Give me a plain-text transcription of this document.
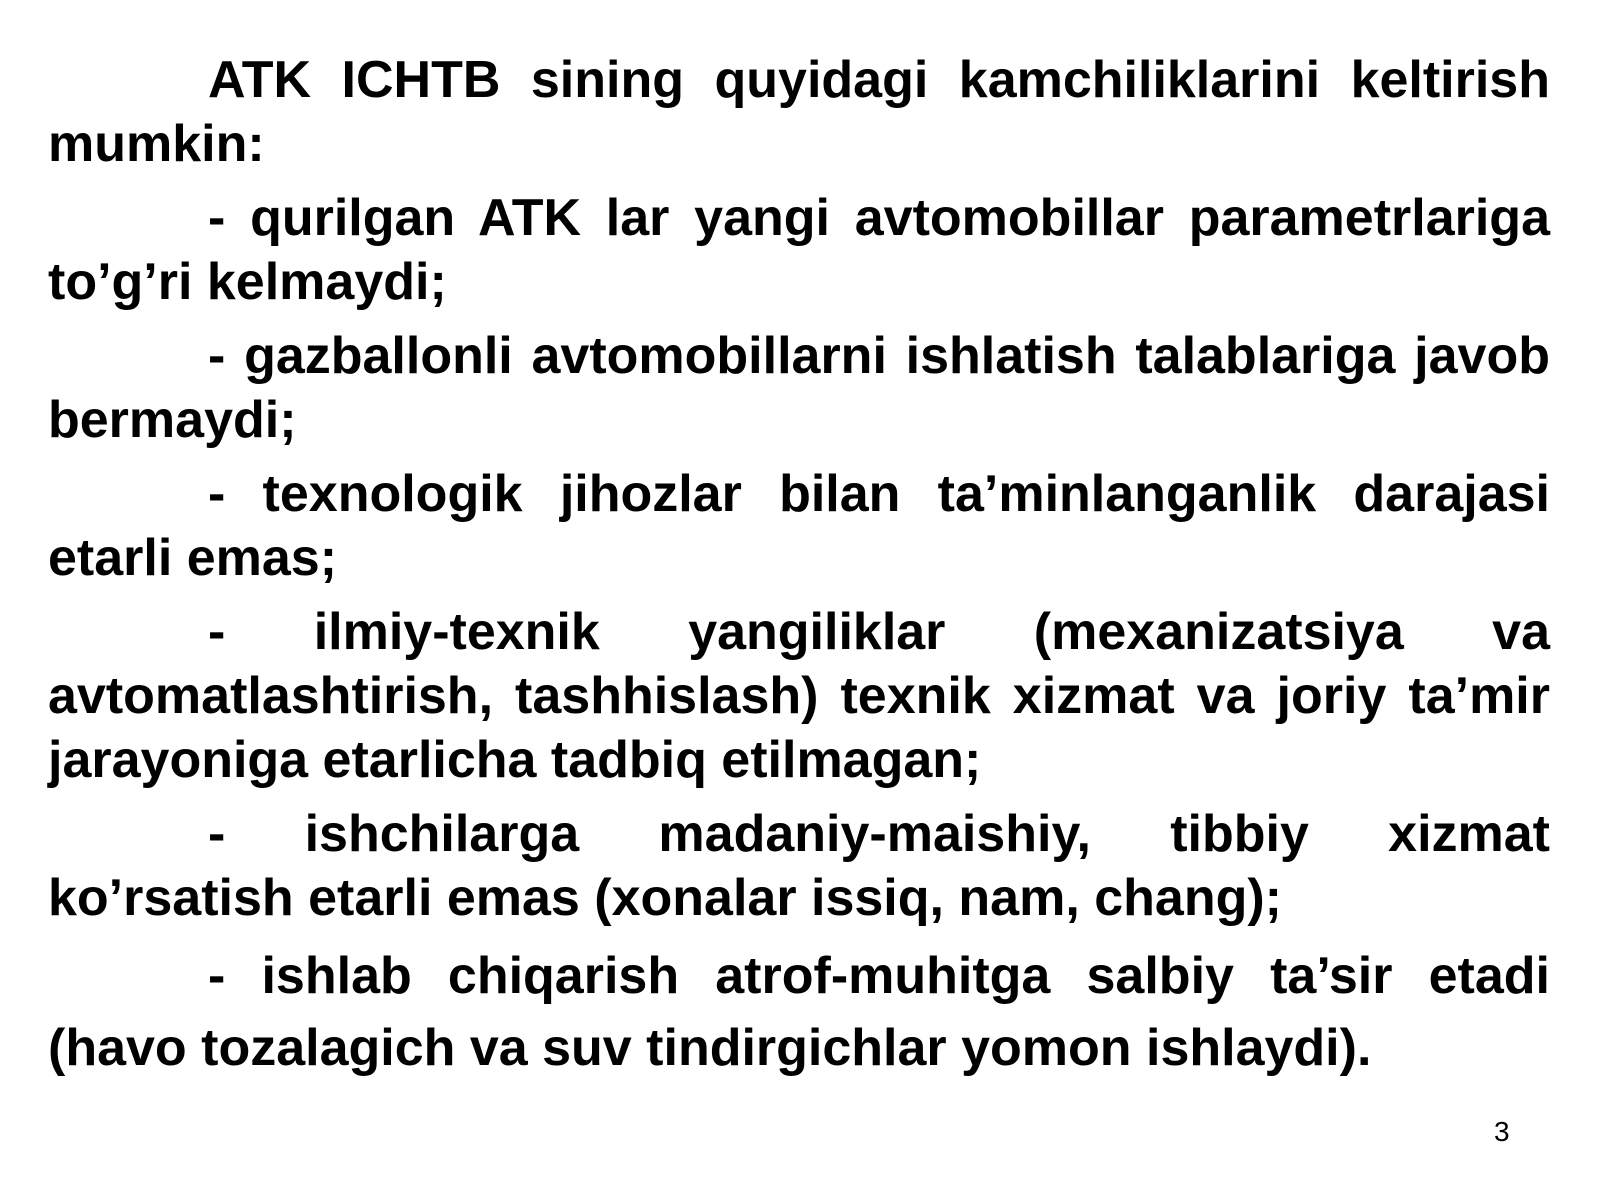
ATK ICHTB sining quyidagi kamchiliklarini keltirish mumkin:

- qurilgan ATK lar yangi avtomobillar parametrlariga to’g’ri kelmaydi;

- gazballonli avtomobillarni ishlatish talablariga javob bermaydi;

- texnologik jihozlar bilan ta’minlanganlik darajasi etarli emas;

- ilmiy-texnik yangiliklar (mexanizatsiya va avtomatlashtirish, tashhislash) texnik xizmat va joriy ta’mir jarayoniga etarlicha tadbiq etilmagan;

- ishchilarga madaniy-maishiy, tibbiy xizmat ko’rsatish etarli emas (xonalar issiq, nam, chang);

- ishlab chiqarish atrof-muhitga salbiy ta’sir etadi (havo tozalagich va suv tindirgichlar yomon ishlaydi).

3
